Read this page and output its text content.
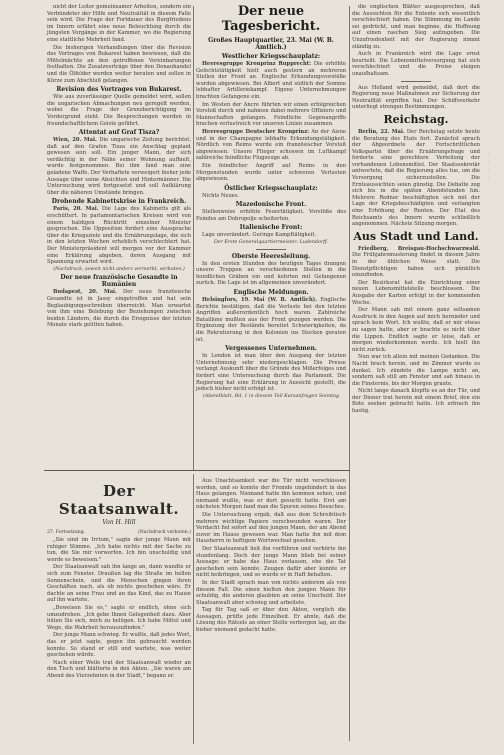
nicht der Leiter gemeinsamer Arbeiten, sondern ein Verbündeter der Hilfe und Neutralität in diesem Falle sein wird. Die Frage der Fortdauer des Burgfriedens im Innern erfährt eine neue Beleuchtung durch die jüngsten Vorgänge in der Kammer, wo die Regierung eine stattliche Mehrheit fand.

Die bisherigen Verhandlungen über die Revision des Vortrages von Bukarest haben bewiesen, daß die Mittelmächte an den getroffenen Vereinbarungen festhalten. Die Zusatzverträge über den Donauhandel und die Ölfelder werden weiter beraten und sollen in Kürze zum Abschluß gelangen.

Revision des Vortrages von Bukarest.

Wie aus zuverlässiger Quelle gemeldet wird, sollen die ungarischen Abmachungen neu geregelt werden, wobei die Frage der Grenzberichtigung im Vordergrund steht. Die Besprechungen werden in freundschaftlichem Geiste geführt.

Attentat auf Graf Tisza?

Wien, 20. Mai. Die ungarische Zeitung berichtet, daß auf den Grafen Tisza ein Anschlag geplant gewesen sein soll. Ein junger Mann, der sich verdächtig in der Nähe seiner Wohnung aufhielt, wurde festgenommen. Bei ihm fand man eine geladene Waffe. Der Verhaftete verweigert bisher jede Aussage über seine Absichten und Hintermänner. Die Untersuchung wird fortgesetzt und soll Aufklärung über die näheren Umstände bringen.

Drohende Kabinettskrise in Frankreich.

Paris, 20. Mai. Die Lage des Kabinetts gilt als erschüttert. In parlamentarischen Kreisen wird von einem baldigen Rücktritt einzelner Minister gesprochen. Die Opposition fordert eine Aussprache über die Kriegsziele und die Ernährungslage, die sich in den letzten Wochen erheblich verschlechtert hat. Der Ministerpräsident will morgen vor der Kammer eine Erklärung abgeben, deren Ausgang mit Spannung erwartet wird.

(Nachdruck, soweit nicht anders vermerkt, verboten.)
Der neue französische Gesandte in Rumänien

Budapest, 20. Mai. Der neue französische Gesandte ist in Jassy eingetroffen und hat sein Beglaubigungsschreiben überreicht. Man erwartet von ihm eine Belebung der Beziehungen zwischen beiden Ländern, die durch die Ereignisse der letzten Monate stark gelitten haben.

Der neue Tagesbericht.
Großes Hauptquartier, 23. Mai (W. B. Amtlich.)
Westlicher Kriegsschauplatz:

Heeresgruppe Kronprinz Rupprecht: Die erhöhte Gefechtstätigkeit hielt auch gestern an mehreren Stellen der Front an. Englische Erkundungsvorstöße wurden abgewiesen. Bei Albert und südlich der Somme lebhafter Artilleriekampf. Eigene Unternehmungen brachten Gefangene ein.

Im Westen der Ancre führten wir einen erfolgreichen Vorstoß durch und nahmen dabei mehrere Offiziere und Mannschaften gefangen. Feindliche Gegenangriffe brachen verlustreich vor unseren Linien zusammen.

Heeresgruppe Deutscher Kronprinz: An der Aisne und in der Champagne lebhafte Erkundungstätigkeit. Nördlich von Reims wurde ein französischer Vorstoß abgewiesen. Unsere Flieger schossen im Luftkampf zahlreiche feindliche Flugzeuge ab.

Ein feindlicher Angriff auf Reims in den Morgenstunden wurde unter schweren Verlusten abgewiesen.

Östlicher Kriegsschauplatz:

Nichts Neues.

Mazedonische Front.

Stellenweise erhöhte Feuertätigkeit. Vorstöße des Feindes am Dobropolje scheiterten.

Italienische Front:

Lage unverändert. Geringe Kampftätigkeit.

Der Erste Generalquartiermeister: Ludendorff.
Oberste Heeresleitung.

In den ersten Stunden des heutigen Tages drangen unsere Truppen an verschiedenen Stellen in die feindlichen Gräben ein und kehrten mit Gefangenen zurück. Die Lage ist im allgemeinen unverändert.

Englische Meldungen.

Helsingfors, 19. Mai (W. B. Amtlich). Englische Berichte bestätigen, daß die Verluste bei den letzten Angriffen außerordentlich hoch waren. Zahlreiche Bataillone mußten aus der Front gezogen werden. Die Ergänzung der Bestände bereitet Schwierigkeiten, da die Rekrutierung in den Kolonien ins Stocken geraten ist.

Vergessenes Unternehmen.

In London ist man über den Ausgang der letzten Unternehmung sehr niedergeschlagen. Die Presse verlangt Auskunft über die Gründe des Mißerfolges und fordert eine Untersuchung durch das Parlament. Die Regierung hat eine Erklärung in Aussicht gestellt, die jedoch bisher nicht erfolgt ist.

(Abendblatt, Bd. 1 in diesem Teil Kursanfragen Sonntag

die englischen Blätter ausgesprochen, daß die Aussichten für die Entente sich wesentlich verschlechtert haben. Die Stimmung im Lande sei gedrückt, und man beginne, die Hoffnung auf einen raschen Sieg aufzugeben. Die Unzufriedenheit mit der Regierung nimmt ständig zu.

Auch in Frankreich wird die Lage ernst beurteilt. Die Lebensmittelversorgung hat sich verschlechtert und die Preise steigen unaufhaltsam.

Aus Holland wird gemeldet, daß dort die Regierung neue Maßnahmen zur Sicherung der Neutralität ergriffen hat. Der Schiffsverkehr unterliegt strengen Bestimmungen.

Reichstag.

Berlin, 22. Mai. Der Reichstag setzte heute die Beratung des Etats fort. Zunächst sprach der Abgeordnete der Fortschrittlichen Volkspartei über die Ernährungsfrage und forderte eine gerechtere Verteilung der vorhandenen Lebensmittel. Der Staatssekretär antwortete, daß die Regierung alles tue, um die Versorgung sicherzustellen. Die Ernteaussichten seien günstig. Die Debatte zog sich bis in die späten Abendstunden hin. Mehrere Redner beschäftigten sich mit der Lage der Kriegsbeschädigten und verlangten eine Erhöhung der Renten. Der Etat des Reichsamts des Innern wurde schließlich angenommen. Nächste Sitzung morgen.

Aus Stadt und Land.

Friedberg, Breisgau-Hochschwarzwald. Die Frühjahrsmusterung findet in diesem Jahre in der üblichen Weise statt. Die Dienstpflichtigen haben sich pünktlich einzufinden.

Der Bezirksrat hat die Einrichtung einer neuen Lebensmittelstelle beschlossen. Die Ausgabe der Karten erfolgt in der kommenden Woche.

Der Mann sah mit einem ganz seltsamen Ausdruck in den Augen auf mich hernieder und sprach kein Wort. Ich wußte, daß er mir etwas zu sagen hatte, aber er brachte es nicht über die Lippen. Endlich sagte er leise, daß er morgen wiederkommen werde. Ich hielt ihn nicht zurück.

Nun war ich allein mit meinen Gedanken. Die Nacht brach herein, und im Zimmer wurde es dunkel. Ich zündete die Lampe nicht an, sondern saß still am Fenster und sah hinaus in die Finsternis, bis der Morgen graute.

Nicht lange danach klopfte es an der Tür, und der Diener trat herein mit einem Brief, den ein Bote soeben gebracht hatte. Ich erbrach ihn hastig.

Der Staatsanwalt.
Von H. Hill
27. Fortsetzung.	(Nachdruck verboten.)

„Sie sind im Irrtum," sagte der junge Mann mit ruhiger Stimme. „Ich habe nichts mit der Sache zu tun, die Sie mir vorwerfen. Ich bin unschuldig und werde es beweisen."

Der Staatsanwalt sah ihn lange an, dann wandte er sich zum Fenster. Draußen lag die Straße im hellen Sonnenschein, und die Menschen gingen ihren Geschäften nach, als ob nichts geschehen wäre. Er dachte an seine Frau und an das Kind, das zu Hause auf ihn wartete.

„Beweisen Sie es," sagte er endlich, ohne sich umzudrehen. „Ich gebe Ihnen Gelegenheit dazu. Aber hüten Sie sich, mich zu belügen. Ich habe Mittel und Wege, die Wahrheit herauszufinden."

Der junge Mann schwieg. Er wußte, daß jedes Wort, das er jetzt sagte, gegen ihn gebraucht werden konnte. So stand er still und wartete, was weiter geschehen würde.

Nach einer Weile trat der Staatsanwalt wieder an den Tisch und blätterte in den Akten. „Sie waren am Abend des Vierzehnten in der Stadt," begann er.

Aus Unachtsamkeit war die Tür nicht verschlossen worden, und so konnte der Fremde ungehindert in das Haus gelangen. Niemand hatte ihn kommen sehen, und niemand wußte, was er dort gesucht hatte. Erst am nächsten Morgen fand man die Spuren seines Besuches.

Die Untersuchung ergab, daß aus dem Schreibtisch mehrere wichtige Papiere verschwunden waren. Der Verdacht fiel sofort auf den jungen Mann, der am Abend zuvor im Hause gewesen war. Man hatte ihn mit dem Hausherrn in heftigem Wortwechsel gesehen.

Der Staatsanwalt ließ ihn vorführen und verhörte ihn stundenlang. Doch der junge Mann blieb bei seiner Aussage: er habe das Haus verlassen, ehe die Tat geschehen sein konnte. Zeugen dafür aber konnte er nicht beibringen, und so wurde er in Haft behalten.

In der Stadt sprach man von nichts anderem als von diesem Fall. Die einen hielten den jungen Mann für schuldig, die anderen glaubten an seine Unschuld. Der Staatsanwalt aber schwieg und arbeitete.

Tag für Tag saß er über den Akten, verglich die Aussagen, prüfte jede Einzelheit. Er ahnte, daß die Lösung des Rätsels an einer Stelle verborgen lag, an die bisher niemand gedacht hatte.

·
·
·
·
